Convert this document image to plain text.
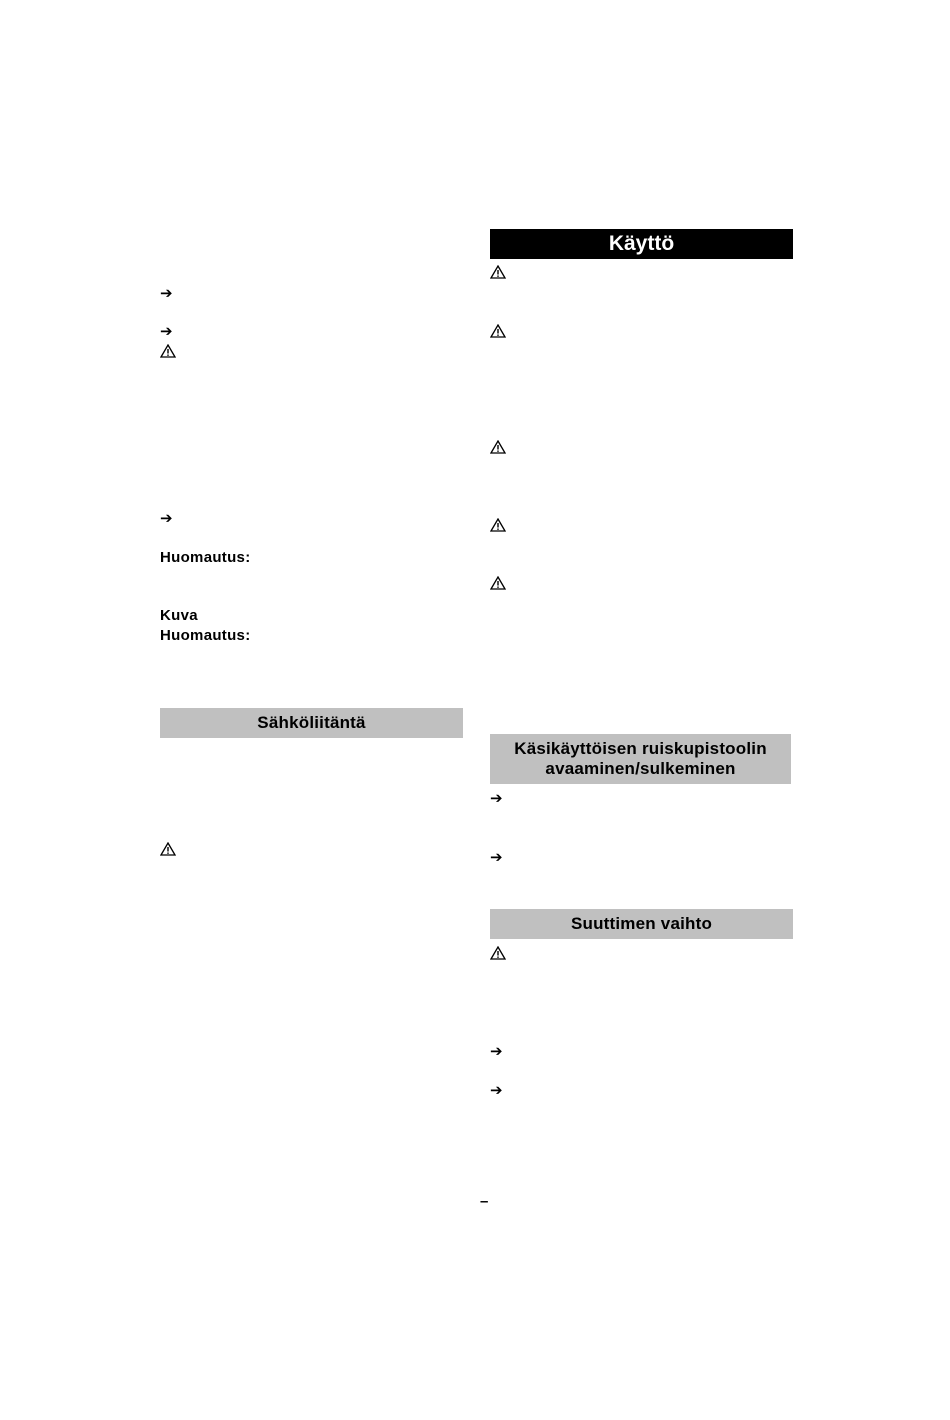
➔
➔
➔
Huomautus:
Kuva
Huomautus:
Sähköliitäntä
Käyttö
Käsikäyttöisen ruiskupistoolin
avaaminen/sulkeminen
➔
➔
Suuttimen vaihto
➔
➔
–
